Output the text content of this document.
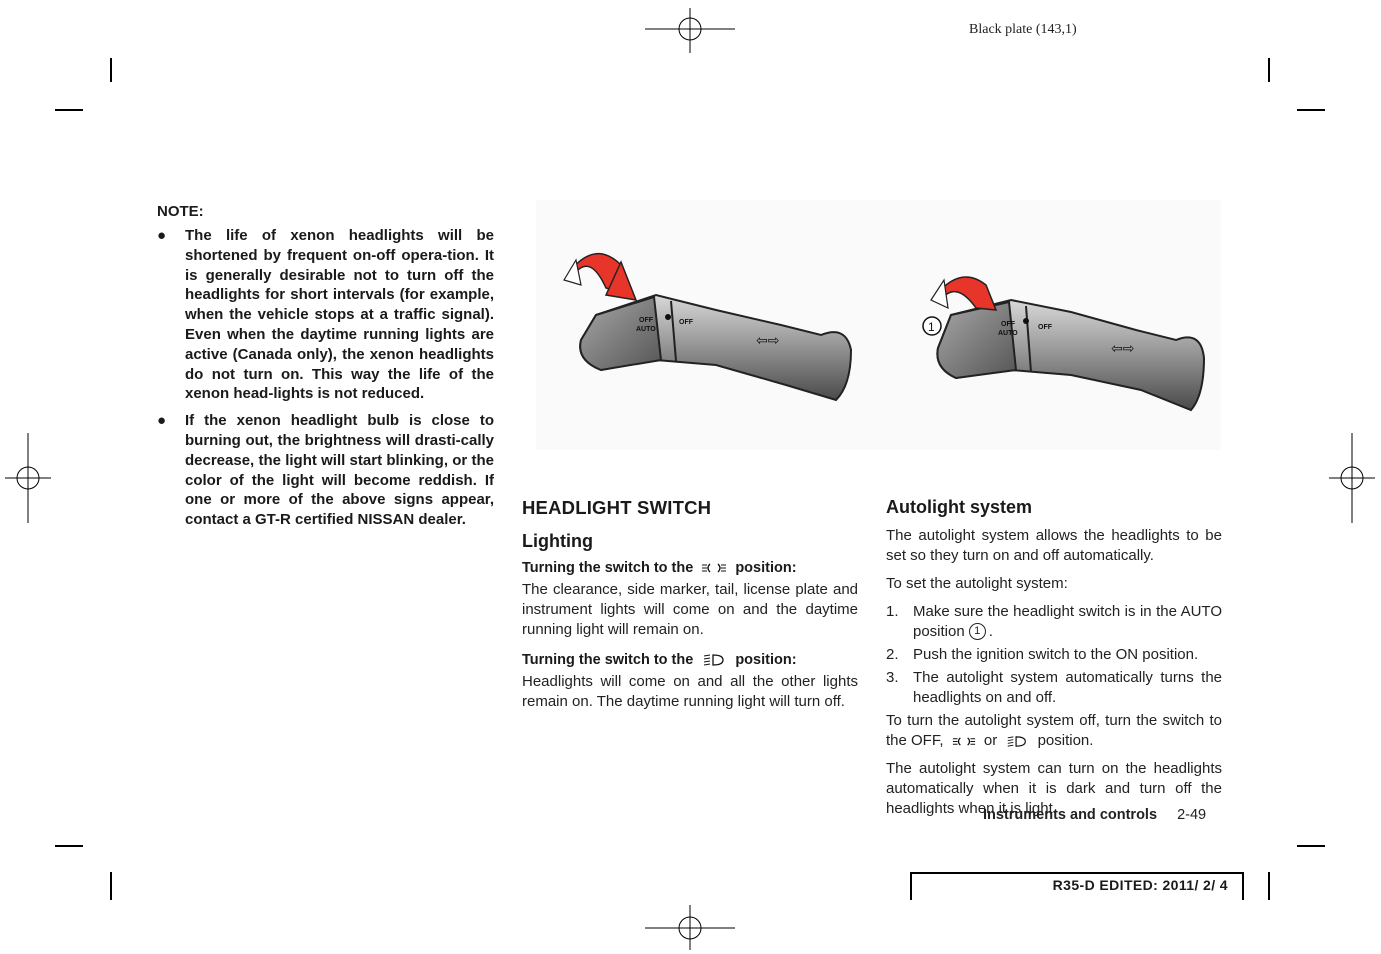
Black plate (143,1)
NOTE:
● The life of xenon headlights will be shortened by frequent on-off opera-tion. It is generally desirable not to turn off the headlights for short intervals (for example, when the vehicle stops at a traffic signal). Even when the daytime running lights are active (Canada only), the xenon headlights do not turn on. This way the life of the xenon head-lights is not reduced.
● If the xenon headlight bulb is close to burning out, the brightness will drasti-cally decrease, the light will start blinking, or the color of the light will become reddish. If one or more of the above signs appear, contact a GT-R certified NISSAN dealer.
OFF
AUTO
OFF
⇦⇨
OFF
AUTO
OFF
⇦⇨
1
HEADLIGHT SWITCH
Lighting
Turning the switch to the	position:

The clearance, side marker, tail, license plate and instrument lights will come on and the daytime running light will remain on.

Turning the switch to the	position:

Headlights will come on and all the other lights remain on. The daytime running light will turn off.

Autolight system

The autolight system allows the headlights to be set so they turn on and off automatically.

To set the autolight system:

1. Make sure the headlight switch is in the AUTO position 1 .
2. Push the ignition switch to the ON position.
3. The autolight system automatically turns the headlights on and off.

To turn the autolight system off, turn the switch to the OFF,	or	position.

The autolight system can turn on the headlights automatically when it is dark and turn off the headlights when it is light.

Instruments and controls 2-49
R35-D EDITED: 2011/ 2/ 4
